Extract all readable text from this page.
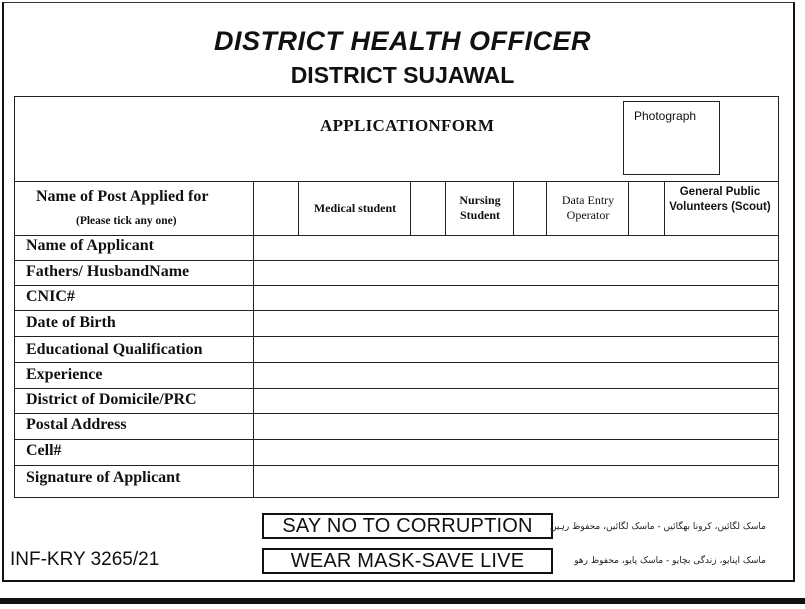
DISTRICT HEALTH OFFICER
DISTRICT SUJAWAL
APPLICATIONFORM	Photograph
Name of Post Applied for
(Please tick any one)
Medical student
Nursing Student
Data Entry Operator
General Public Volunteers (Scout)
Name of Applicant
Fathers/ HusbandName
CNIC#
Date of Birth
Educational Qualification
Experience
District of Domicile/PRC
Postal Address
Cell#
Signature of Applicant
SAY NO TO CORRUPTION
WEAR MASK-SAVE LIVE
INF-KRY 3265/21
ماسک لگائیں، کرونا بھگائیں - ماسک لگائیں، محفوظ رہیں
ماسک اپنایو، زندگی بچایو - ماسک پایو، محفوظ رھو
